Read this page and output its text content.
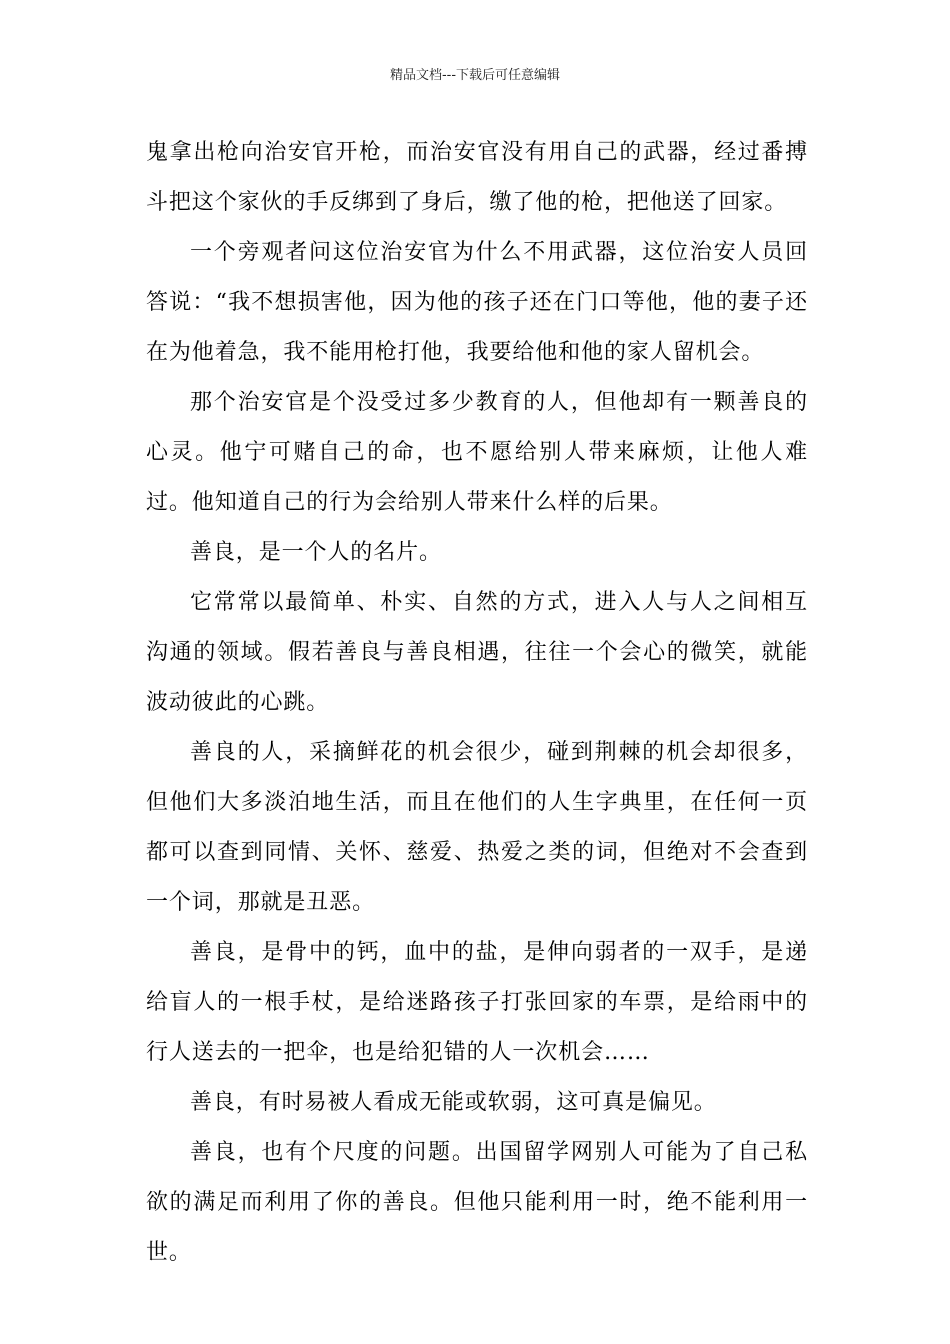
精品文档---下载后可任意编辑

鬼拿出枪向治安官开枪，而治安官没有用自己的武器，经过番搏斗把这个家伙的手反绑到了身后，缴了他的枪，把他送了回家。

一个旁观者问这位治安官为什么不用武器，这位治安人员回答说：“我不想损害他，因为他的孩子还在门口等他，他的妻子还在为他着急，我不能用枪打他，我要给他和他的家人留机会。

那个治安官是个没受过多少教育的人，但他却有一颗善良的心灵。他宁可赌自己的命，也不愿给别人带来麻烦，让他人难过。他知道自己的行为会给别人带来什么样的后果。

善良，是一个人的名片。

它常常以最简单、朴实、自然的方式，进入人与人之间相互沟通的领域。假若善良与善良相遇，往往一个会心的微笑，就能波动彼此的心跳。

善良的人，采摘鲜花的机会很少，碰到荆棘的机会却很多，但他们大多淡泊地生活，而且在他们的人生字典里，在任何一页都可以查到同情、关怀、慈爱、热爱之类的词，但绝对不会查到一个词，那就是丑恶。

善良，是骨中的钙，血中的盐，是伸向弱者的一双手，是递给盲人的一根手杖，是给迷路孩子打张回家的车票，是给雨中的行人送去的一把伞，也是给犯错的人一次机会……

善良，有时易被人看成无能或软弱，这可真是偏见。

善良，也有个尺度的问题。出国留学网别人可能为了自己私欲的满足而利用了你的善良。但他只能利用一时，绝不能利用一世。
